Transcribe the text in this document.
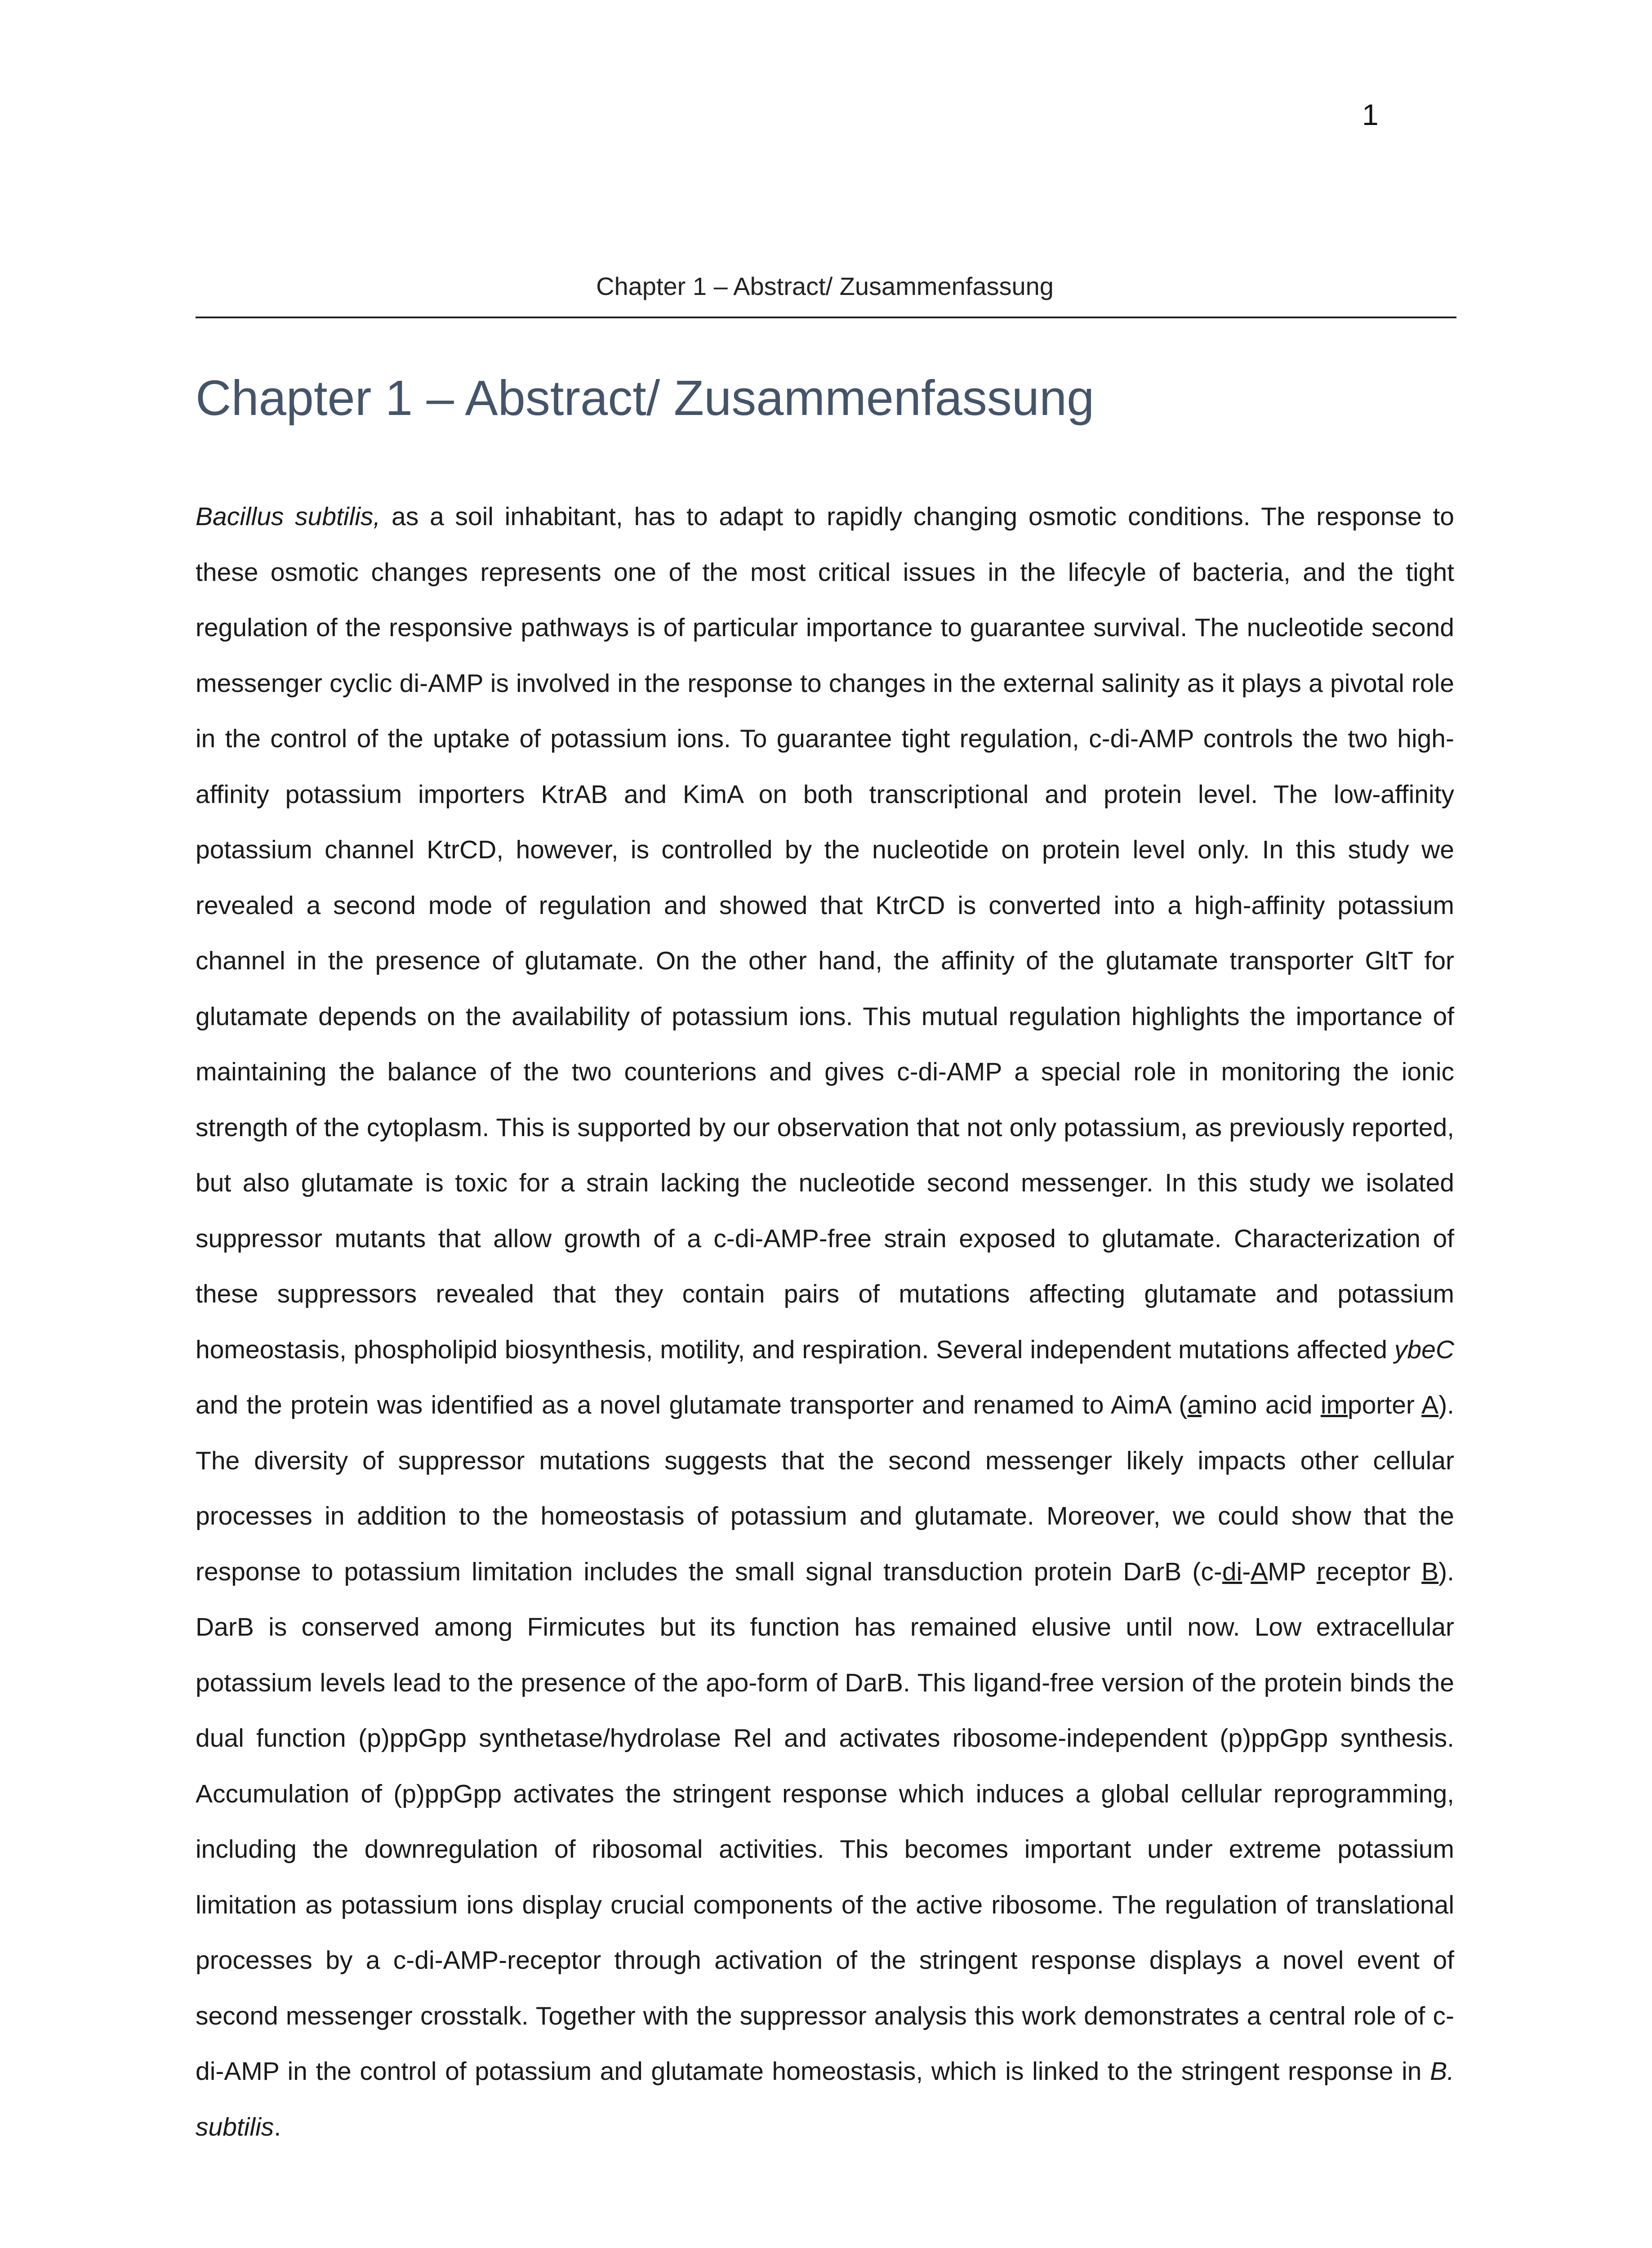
1
Chapter 1 – Abstract/ Zusammenfassung
Chapter 1 – Abstract/ Zusammenfassung

Bacillus subtilis, as a soil inhabitant, has to adapt to rapidly changing osmotic conditions. The response to these osmotic changes represents one of the most critical issues in the lifecyle of bacteria, and the tight regulation of the responsive pathways is of particular importance to guarantee survival. The nucleotide second messenger cyclic di-AMP is involved in the response to changes in the external salinity as it plays a pivotal role in the control of the uptake of potassium ions. To guarantee tight regulation, c-di-AMP controls the two high-affinity potassium importers KtrAB and KimA on both transcriptional and protein level. The low-affinity potassium channel KtrCD, however, is controlled by the nucleotide on protein level only. In this study we revealed a second mode of regulation and showed that KtrCD is converted into a high-affinity potassium channel in the presence of glutamate. On the other hand, the affinity of the glutamate transporter GltT for glutamate depends on the availability of potassium ions. This mutual regulation highlights the importance of maintaining the balance of the two counterions and gives c-di-AMP a special role in monitoring the ionic strength of the cytoplasm. This is supported by our observation that not only potassium, as previously reported, but also glutamate is toxic for a strain lacking the nucleotide second messenger. In this study we isolated suppressor mutants that allow growth of a c-di-AMP-free strain exposed to glutamate. Characterization of these suppressors revealed that they contain pairs of mutations affecting glutamate and potassium homeostasis, phospholipid biosynthesis, motility, and respiration. Several independent mutations affected ybeC and the protein was identified as a novel glutamate transporter and renamed to AimA (amino acid importer A). The diversity of suppressor mutations suggests that the second messenger likely impacts other cellular processes in addition to the homeostasis of potassium and glutamate. Moreover, we could show that the response to potassium limitation includes the small signal transduction protein DarB (c-di-AMP receptor B). DarB is conserved among Firmicutes but its function has remained elusive until now. Low extracellular potassium levels lead to the presence of the apo-form of DarB. This ligand-free version of the protein binds the dual function (p)ppGpp synthetase/hydrolase Rel and activates ribosome-independent (p)ppGpp synthesis. Accumulation of (p)ppGpp activates the stringent response which induces a global cellular reprogramming, including the downregulation of ribosomal activities. This becomes important under extreme potassium limitation as potassium ions display crucial components of the active ribosome. The regulation of translational processes by a c-di-AMP-receptor through activation of the stringent response displays a novel event of second messenger crosstalk. Together with the suppressor analysis this work demonstrates a central role of c-di-AMP in the control of potassium and glutamate homeostasis, which is linked to the stringent response in B. subtilis.
